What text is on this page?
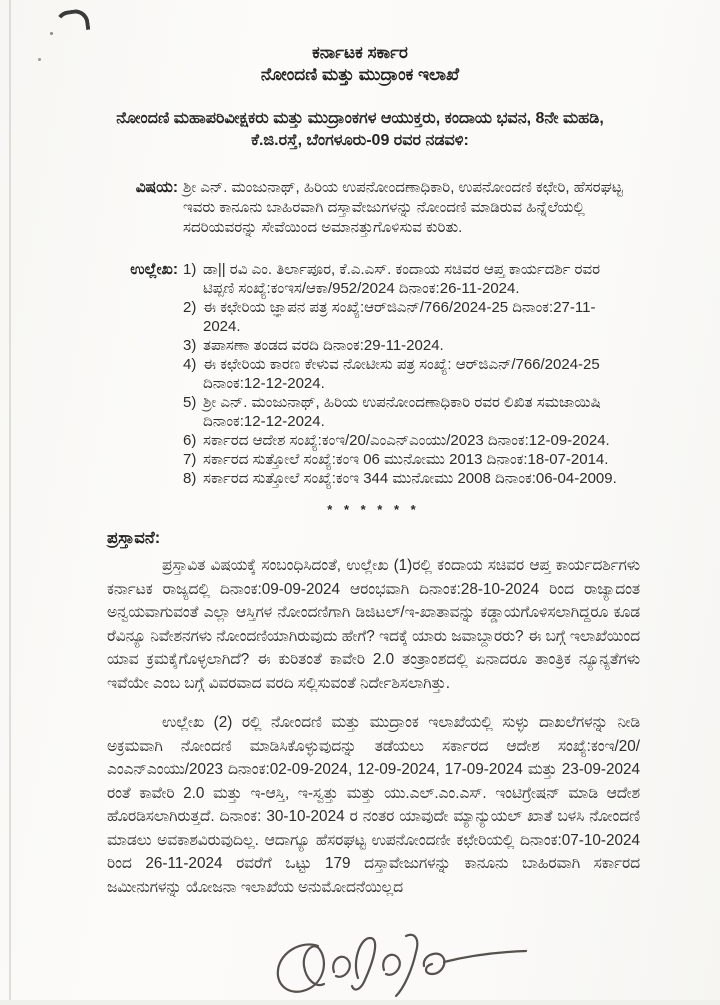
ಕರ್ನಾಟಕ ಸರ್ಕಾರ
ನೋಂದಣಿ ಮತ್ತು ಮುದ್ರಾಂಕ ಇಲಾಖೆ
ನೋಂದಣಿ ಮಹಾಪರಿವೀಕ್ಷಕರು ಮತ್ತು ಮುದ್ರಾಂಕಗಳ ಆಯುಕ್ತರು, ಕಂದಾಯ ಭವನ, 8ನೇ ಮಹಡಿ, ಕೆ.ಜಿ.ರಸ್ತೆ, ಬೆಂಗಳೂರು-09 ರವರ ನಡವಳಿ:
ವಿಷಯ: ಶ್ರೀ ಎನ್. ಮಂಜುನಾಥ್, ಹಿರಿಯ ಉಪನೋಂದಣಾಧಿಕಾರಿ, ಉಪನೋಂದಣಿ ಕಛೇರಿ, ಹೆಸರಘಟ್ಟ ಇವರು ಕಾನೂನು ಬಾಹಿರವಾಗಿ ದಸ್ತಾವೇಜುಗಳನ್ನು ನೋಂದಣಿ ಮಾಡಿರುವ ಹಿನ್ನೆಲೆಯಲ್ಲಿ ಸದರಿಯವರನ್ನು ಸೇವೆಯಿಂದ ಅಮಾನತ್ತುಗೊಳಿಸುವ ಕುರಿತು.
ಉಲ್ಲೇಖ: 1) ಡಾ|| ರವಿ ಎಂ. ತಿರ್ಲಾಪೂರ, ಕೆ.ಎ.ಎಸ್. ಕಂದಾಯ ಸಚಿವರ ಆಪ್ತ ಕಾರ್ಯದರ್ಶಿ ರವರ ಟಿಪ್ಪಣಿ ಸಂಖ್ಯೆ:ಕಂಇಸ/ಆಕಾ/952/2024 ದಿನಾಂಕ:26-11-2024.
2) ಈ ಕಛೇರಿಯ ಜ್ಞಾಪನ ಪತ್ರ ಸಂಖ್ಯೆ:ಆರ್‌ಜಿಎನ್/766/2024-25 ದಿನಾಂಕ:27-11-2024.
3) ತಪಾಸಣಾ ತಂಡದ ವರದಿ ದಿನಾಂಕ:29-11-2024.
4) ಈ ಕಛೇರಿಯ ಕಾರಣ ಕೇಳುವ ನೋಟೀಸು ಪತ್ರ ಸಂಖ್ಯೆ: ಆರ್‌ಜಿಎನ್/766/2024-25 ದಿನಾಂಕ:12-12-2024.
5) ಶ್ರೀ ಎನ್. ಮಂಜುನಾಥ್, ಹಿರಿಯ ಉಪನೋಂದಣಾಧಿಕಾರಿ ರವರ ಲಿಖಿತ ಸಮಜಾಯಿಷಿ ದಿನಾಂಕ:12-12-2024.
6) ಸರ್ಕಾರದ ಆದೇಶ ಸಂಖ್ಯೆ:ಕಂಇ/20/ಎಂಎನ್‌ಎಂಯು/2023 ದಿನಾಂಕ:12-09-2024.
7) ಸರ್ಕಾರದ ಸುತ್ತೋಲೆ ಸಂಖ್ಯೆ:ಕಂಇ 06 ಮುನೋಮು 2013 ದಿನಾಂಕ:18-07-2014.
8) ಸರ್ಕಾರದ ಸುತ್ತೋಲೆ ಸಂಖ್ಯೆ:ಕಂಇ 344 ಮುನೋಮು 2008 ದಿನಾಂಕ:06-04-2009.
* * * * * *
ಪ್ರಸ್ತಾವನೆ:
ಪ್ರಸ್ತಾವಿತ ವಿಷಯಕ್ಕೆ ಸಂಬಂಧಿಸಿದಂತೆ, ಉಲ್ಲೇಖ (1)ರಲ್ಲಿ ಕಂದಾಯ ಸಚಿವರ ಆಪ್ತ ಕಾರ್ಯದರ್ಶಿಗಳು ಕರ್ನಾಟಕ ರಾಜ್ಯದಲ್ಲಿ ದಿನಾಂಕ:09-09-2024 ಆರಂಭವಾಗಿ ದಿನಾಂಕ:28-10-2024 ರಿಂದ ರಾಜ್ಯಾದಂತ ಅನ್ವಯವಾಗುವಂತೆ ಎಲ್ಲಾ ಆಸ್ತಿಗಳ ನೋಂದಣಿಗಾಗಿ ಡಿಜಿಟಲ್/ಇ-ಖಾತಾವನ್ನು ಕಡ್ಡಾಯಗೊಳಿಸಲಾಗಿದ್ದರೂ ಕೂಡ ರೆವಿನ್ಯೂ ನಿವೇಶನಗಳು ನೋಂದಣಿಯಾಗಿರುವುದು ಹೇಗೆ? ಇದಕ್ಕೆ ಯಾರು ಜವಾಬ್ದಾರರು? ಈ ಬಗ್ಗೆ ಇಲಾಖೆಯಿಂದ ಯಾವ ಕ್ರಮಕೈಗೊಳ್ಳಲಾಗಿದೆ? ಈ ಕುರಿತಂತೆ ಕಾವೇರಿ 2.0 ತಂತ್ರಾಂಶದಲ್ಲಿ ಏನಾದರೂ ತಾಂತ್ರಿಕ ನ್ಯೂನ್ಯತೆಗಳು ಇವೆಯೇ ಎಂಬ ಬಗ್ಗೆ ವಿವರವಾದ ವರದಿ ಸಲ್ಲಿಸುವಂತೆ ನಿರ್ದೇಶಿಸಲಾಗಿತ್ತು.
ಉಲ್ಲೇಖ (2) ರಲ್ಲಿ ನೋಂದಣಿ ಮತ್ತು ಮುದ್ರಾಂಕ ಇಲಾಖೆಯಲ್ಲಿ ಸುಳ್ಳು ದಾಖಲೆಗಳನ್ನು ನೀಡಿ ಅಕ್ರಮವಾಗಿ ನೋಂದಣಿ ಮಾಡಿಸಿಕೊಳ್ಳುವುದನ್ನು ತಡೆಯಲು ಸರ್ಕಾರದ ಆದೇಶ ಸಂಖ್ಯೆ:ಕಂಇ/20/ಎಂಎನ್‌ಎಂಯು/2023 ದಿನಾಂಕ:02-09-2024, 12-09-2024, 17-09-2024 ಮತ್ತು 23-09-2024 ರಂತೆ ಕಾವೇರಿ 2.0 ಮತ್ತು ಇ-ಆಸ್ತಿ, ಇ-ಸ್ವತ್ತು ಮತ್ತು ಯು.ಎಲ್.ಎಂ.ಎಸ್. ಇಂಟಿಗ್ರೇಷನ್ ಮಾಡಿ ಆದೇಶ ಹೊರಡಿಸಲಾಗಿರುತ್ತದೆ. ದಿನಾಂಕ: 30-10-2024 ರ ನಂತರ ಯಾವುದೇ ಮ್ಯಾನ್ಯುಯಲ್ ಖಾತೆ ಬಳಸಿ ನೋಂದಣಿ ಮಾಡಲು ಅವಕಾಶವಿರುವುದಿಲ್ಲ. ಆದಾಗ್ಯೂ ಹೆಸರಘಟ್ಟ ಉಪನೋಂದಣೀ ಕಛೇರಿಯಲ್ಲಿ ದಿನಾಂಕ:07-10-2024 ರಿಂದ 26-11-2024 ರವರೆಗೆ ಒಟ್ಟು 179 ದಸ್ತಾವೇಜುಗಳನ್ನು ಕಾನೂನು ಬಾಹಿರವಾಗಿ ಸರ್ಕಾರದ ಜಮೀನುಗಳನ್ನು ಯೋಜನಾ ಇಲಾಖೆಯ ಅನುಮೋದನೆಯಿಲ್ಲದ
